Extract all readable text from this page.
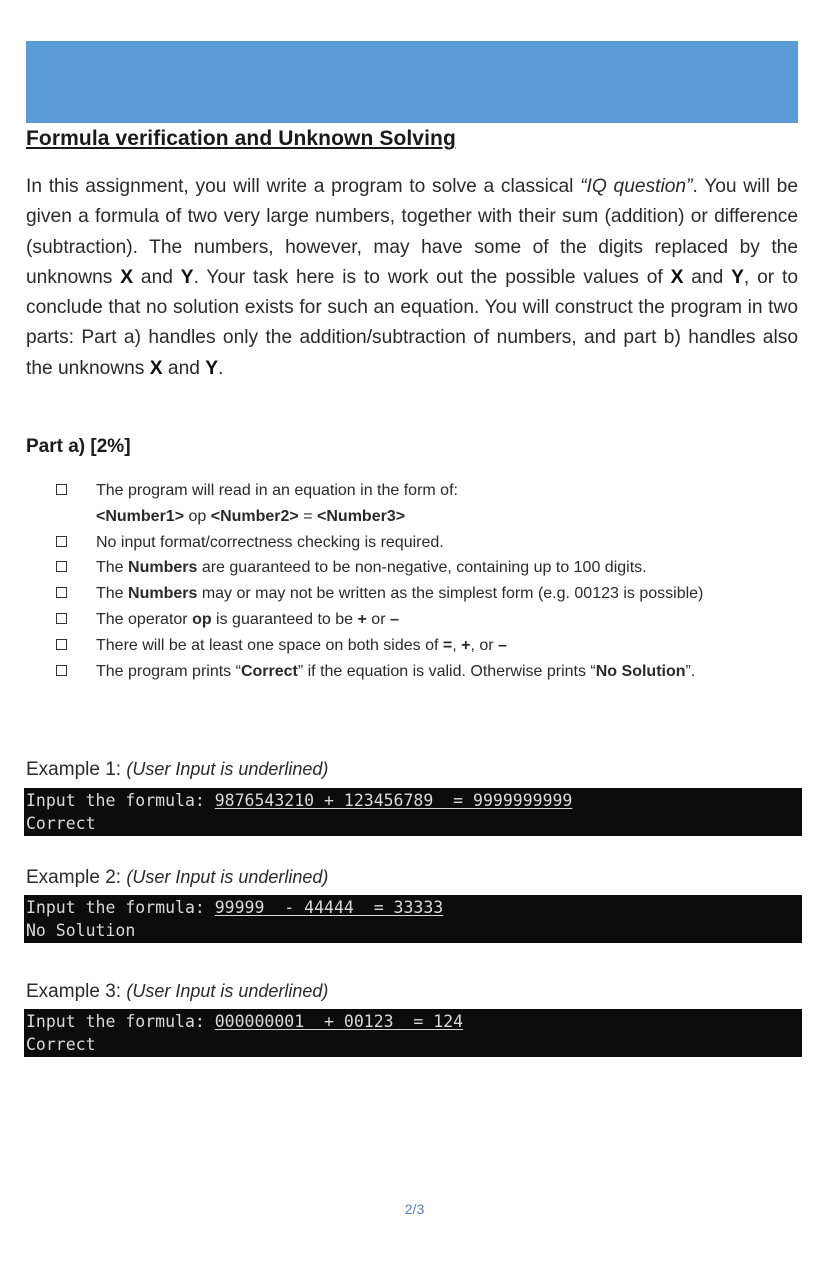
Formula verification and Unknown Solving

In this assignment, you will write a program to solve a classical “IQ question”. You will be given a formula of two very large numbers, together with their sum (addition) or difference (subtraction). The numbers, however, may have some of the digits replaced by the unknowns X and Y. Your task here is to work out the possible values of X and Y, or to conclude that no solution exists for such an equation. You will construct the program in two parts: Part a) handles only the addition/subtraction of numbers, and part b) handles also the unknowns X and Y.

Part a) [2%]
The program will read in an equation in the form of:
<Number1> op <Number2> = <Number3>
No input format/correctness checking is required.
The Numbers are guaranteed to be non-negative, containing up to 100 digits.
The Numbers may or may not be written as the simplest form (e.g. 00123 is possible)
The operator op is guaranteed to be + or –
There will be at least one space on both sides of =, +, or –
The program prints “Correct” if the equation is valid. Otherwise prints “No Solution”.

Example 1: (User Input is underlined)

Input the formula: 9876543210 + 123456789  = 9999999999
Correct

Example 2: (User Input is underlined)

Input the formula: 99999  - 44444  = 33333
No Solution

Example 3: (User Input is underlined)

Input the formula: 000000001  + 00123  = 124
Correct
2/3
